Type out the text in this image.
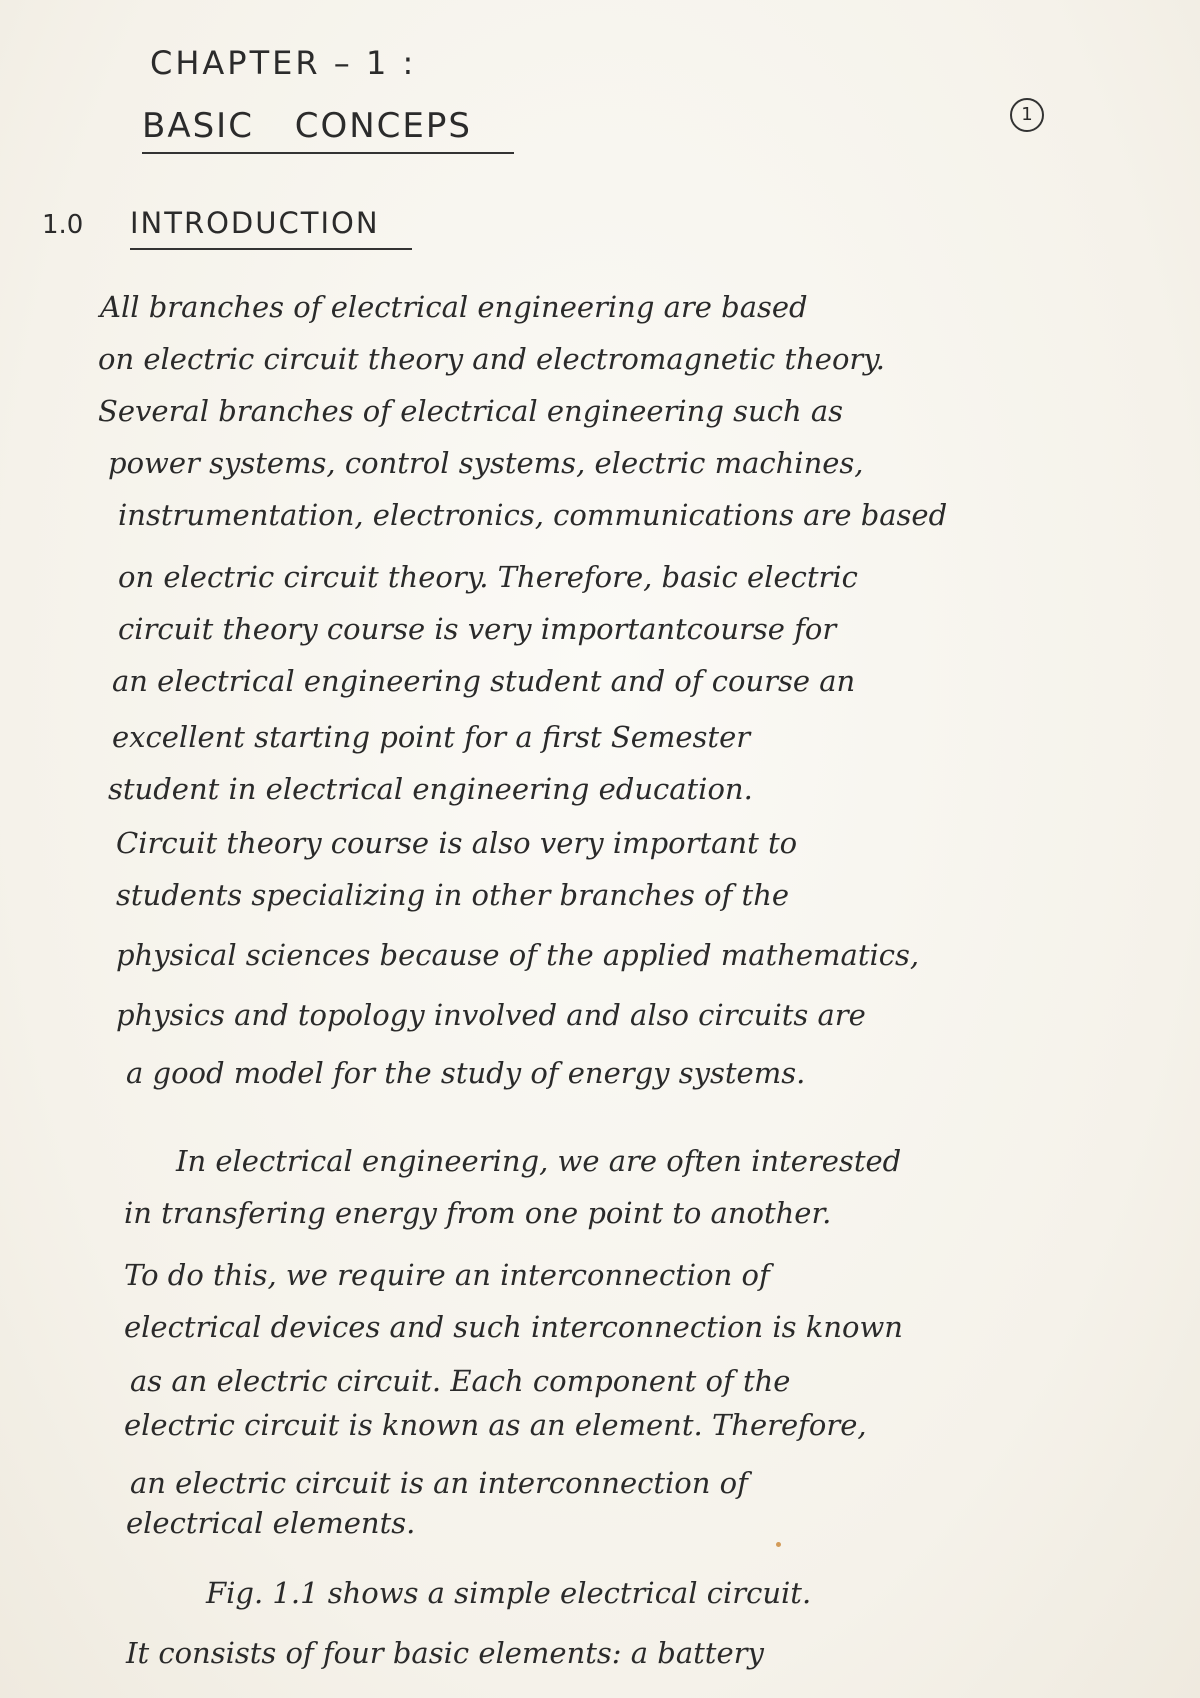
CHAPTER – 1 :
BASIC CONCEPS	1
1.0 INTRODUCTION
All branches of electrical engineering are based
on electric circuit theory and electromagnetic theory.
Several branches of electrical engineering such as
power systems, control systems, electric machines,
instrumentation, electronics, communications are based
on electric circuit theory. Therefore, basic electric
circuit theory course is very importantcourse for
an electrical engineering student and of course an
excellent starting point for a first Semester
student in electrical engineering education.
Circuit theory course is also very important to
students specializing in other branches of the
physical sciences because of the applied mathematics,
physics and topology involved and also circuits are
a good model for the study of energy systems.
In electrical engineering, we are often interested
in transfering energy from one point to another.
To do this, we require an interconnection of
electrical devices and such interconnection is known
as an electric circuit. Each component of the
electric circuit is known as an element. Therefore,
an electric circuit is an interconnection of
electrical elements.
Fig. 1.1 shows a simple electrical circuit.
It consists of four basic elements: a battery
